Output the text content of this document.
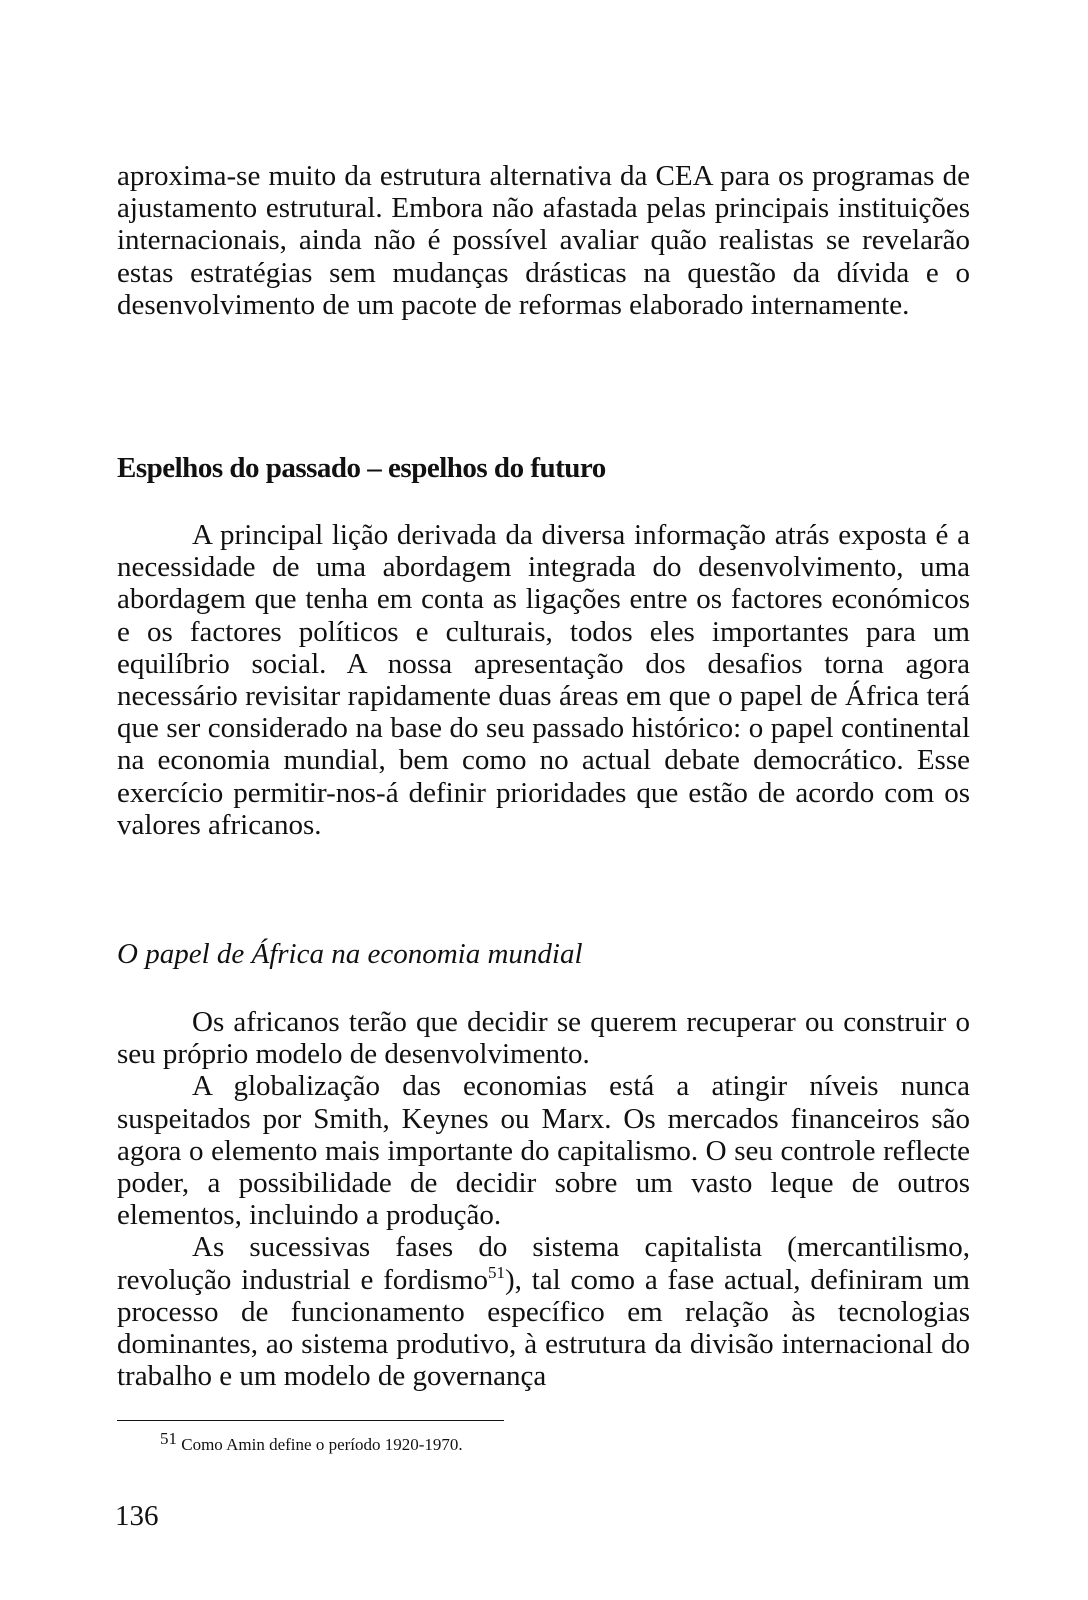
aproxima-se muito da estrutura alternativa da CEA para os programas de ajustamento estrutural. Embora não afastada pelas principais instituições internacionais, ainda não é possível avaliar quão realistas se revelarão estas estratégias sem mudanças drásticas na questão da dívida e o desenvolvimento de um pacote de reformas elaborado internamente.

Espelhos do passado – espelhos do futuro

A principal lição derivada da diversa informação atrás exposta é a necessidade de uma abordagem integrada do desenvolvimento, uma abordagem que tenha em conta as ligações entre os factores económicos e os factores políticos e culturais, todos eles importantes para um equilíbrio social. A nossa apresentação dos desafios torna agora necessário revisitar rapidamente duas áreas em que o papel de África terá que ser considerado na base do seu passado histórico: o papel continental na economia mundial, bem como no actual debate democrático. Esse exercício permitir-nos-á definir prioridades que estão de acordo com os valores africanos.

O papel de África na economia mundial

Os africanos terão que decidir se querem recuperar ou construir o seu próprio modelo de desenvolvimento.

A globalização das economias está a atingir níveis nunca suspeitados por Smith, Keynes ou Marx. Os mercados financeiros são agora o elemento mais importante do capitalismo. O seu controle reflecte poder, a possibilidade de decidir sobre um vasto leque de outros elementos, incluindo a produção.

As sucessivas fases do sistema capitalista (mercantilismo, revolução industrial e fordismo$^{51}$), tal como a fase actual, definiram um processo de funcionamento específico em relação às tecnologias dominantes, ao sistema produtivo, à estrutura da divisão internacional do trabalho e um modelo de governança

$^{51}$ Como Amin define o período 1920-1970.
136
